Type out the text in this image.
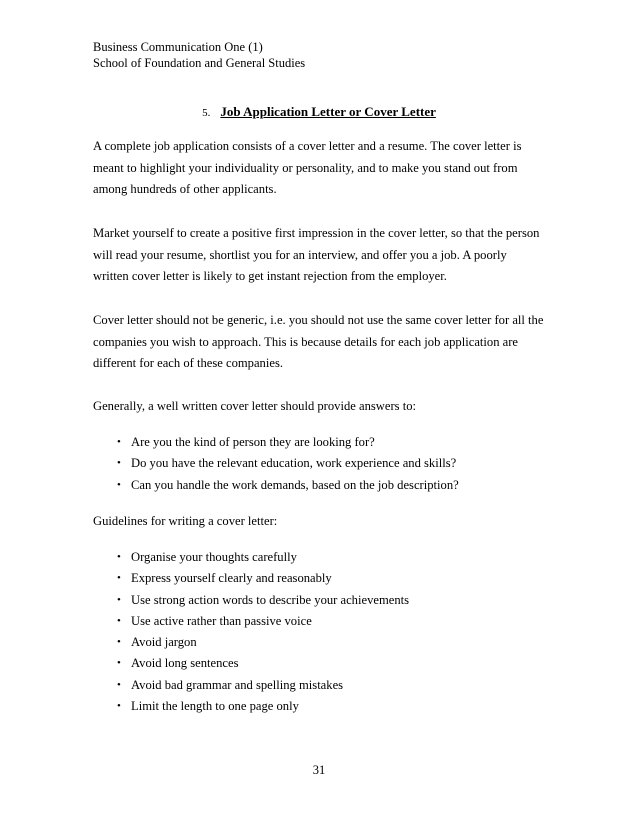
Business Communication One (1)
School of Foundation and General Studies
5. Job Application Letter or Cover Letter
A complete job application consists of a cover letter and a resume. The cover letter is
meant to highlight your individuality or personality, and to make you stand out from
among hundreds of other applicants.
Market yourself to create a positive first impression in the cover letter, so that the person
will read your resume, shortlist you for an interview, and offer you a job. A poorly
written cover letter is likely to get instant rejection from the employer.
Cover letter should not be generic, i.e. you should not use the same cover letter for all the
companies you wish to approach. This is because details for each job application are
different for each of these companies.
Generally, a well written cover letter should provide answers to:
• Are you the kind of person they are looking for?
• Do you have the relevant education, work experience and skills?
• Can you handle the work demands, based on the job description?
Guidelines for writing a cover letter:
• Organise your thoughts carefully
• Express yourself clearly and reasonably
• Use strong action words to describe your achievements
• Use active rather than passive voice
• Avoid jargon
• Avoid long sentences
• Avoid bad grammar and spelling mistakes
• Limit the length to one page only
31
